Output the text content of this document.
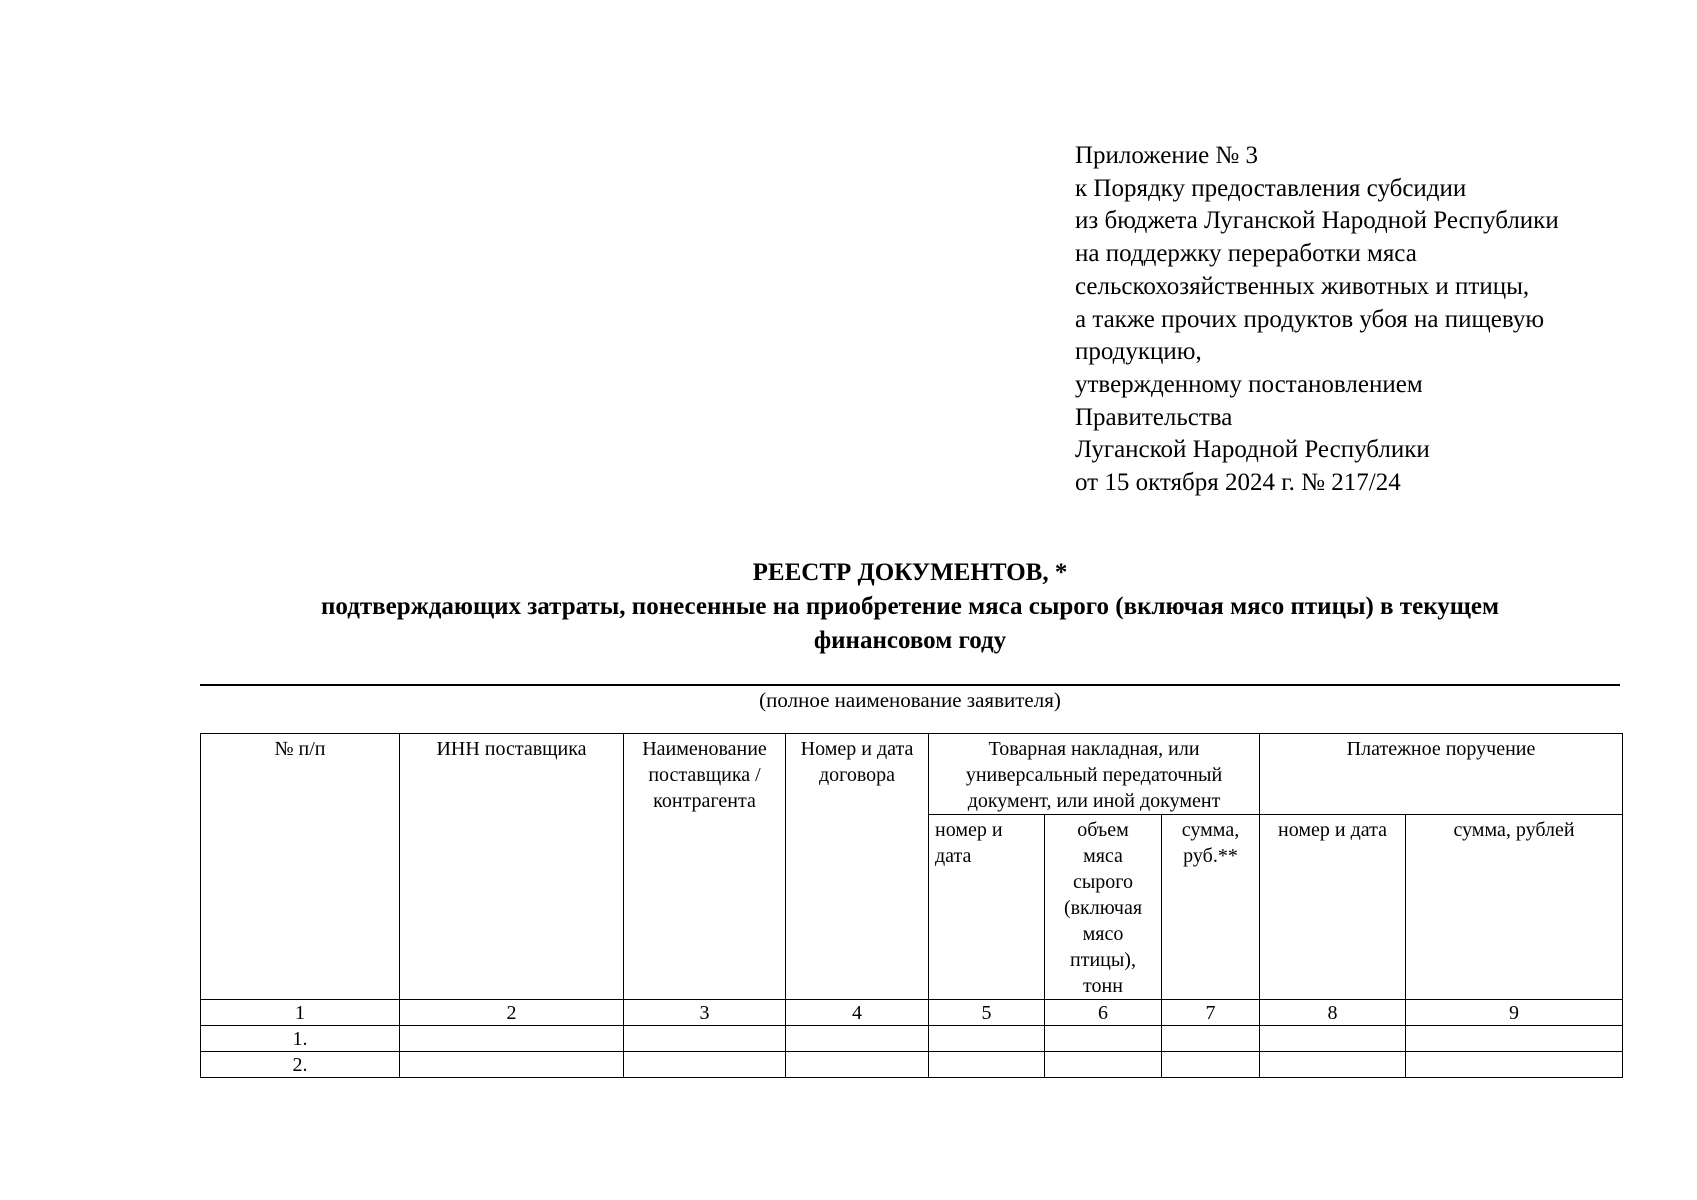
Приложение № 3
к Порядку предоставления субсидии
из бюджета Луганской Народной Республики
на поддержку переработки мяса
сельскохозяйственных животных и птицы,
а также прочих продуктов убоя на пищевую
продукцию,
утвержденному постановлением
Правительства
Луганской Народной Республики
от 15 октября 2024 г. № 217/24
РЕЕСТР ДОКУМЕНТОВ, *
подтверждающих затраты, понесенные на приобретение мяса сырого (включая мясо птицы) в текущем
финансовом году
(полное наименование заявителя)
№ п/п	ИНН поставщика	Наименование поставщика / контрагента	Номер и дата договора	Товарная накладная, или универсальный передаточный документ, или иной документ			Платежное поручение	
				номер и дата	объем мяса сырого (включая мясо птицы), тонн	сумма, руб.**	номер и дата	сумма, рублей
1	2	3	4	5	6	7	8	9
1.								
2.								
